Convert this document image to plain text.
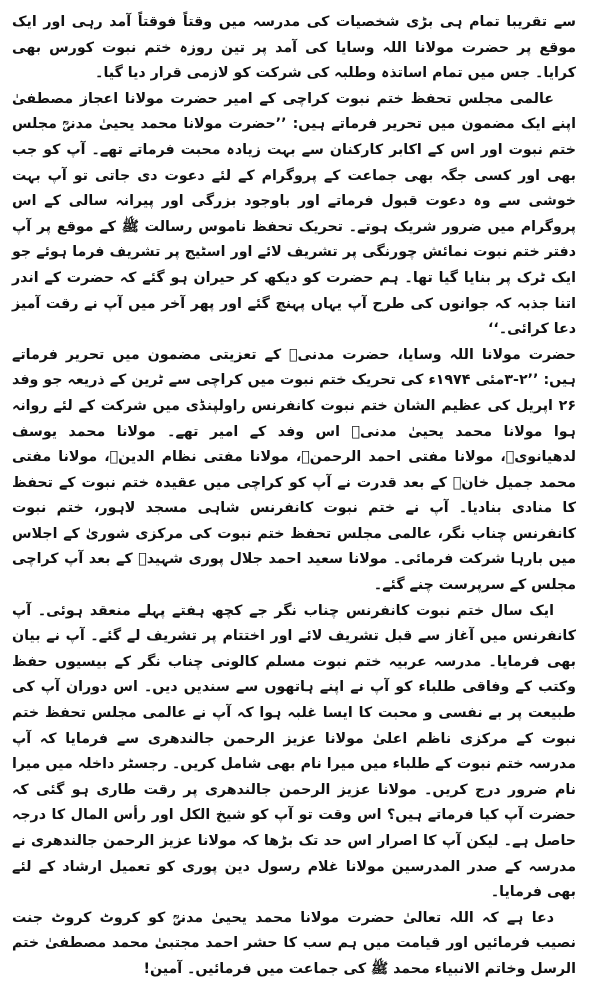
سے تقریبا تمام ہی بڑی شخصیات کی مدرسہ میں وقتاً فوقتاً آمد رہی اور ایک موقع پر حضرت مولانا اللہ وسایا کی آمد پر تین روزہ ختم نبوت کورس بھی کرایا۔ جس میں تمام اساتذہ وطلبہ کی شرکت کو لازمی قرار دیا گیا۔

عالمی مجلس تحفظ ختم نبوت کراچی کے امیر حضرت مولانا اعجاز مصطفیٰ اپنے ایک مضمون میں تحریر فرماتے ہیں: ’’حضرت مولانا محمد یحییٰ مدنیؒ مجلس ختم نبوت اور اس کے اکابر کارکنان سے بہت زیادہ محبت فرماتے تھے۔ آپ کو جب بھی اور کسی جگہ بھی جماعت کے پروگرام کے لئے دعوت دی جاتی تو آپ بہت خوشی سے وہ دعوت قبول فرماتے اور باوجود بزرگی اور پیرانہ سالی کے اس پروگرام میں ضرور شریک ہوتے۔ تحریک تحفظ ناموس رسالت ﷺ کے موقع پر آپ دفتر ختم نبوت نمائش چورنگی پر تشریف لائے اور اسٹیج پر تشریف فرما ہوئے جو ایک ٹرک پر بنایا گیا تھا۔ ہم حضرت کو دیکھ کر حیران ہو گئے کہ حضرت کے اندر اتنا جذبہ کہ جوانوں کی طرح آپ یہاں پہنچ گئے اور پھر آخر میں آپ نے رقت آمیز دعا کرائی۔‘‘

حضرت مولانا اللہ وسایا، حضرت مدنیؒ کے تعزیتی مضمون میں تحریر فرماتے ہیں: ’’۲-۳مئی ۱۹۷۴ء کی تحریک ختم نبوت میں کراچی سے ٹرین کے ذریعہ جو وفد ۲۶ اپریل کی عظیم الشان ختم نبوت کانفرنس راولپنڈی میں شرکت کے لئے روانہ ہوا مولانا محمد یحییٰ مدنیؒ اس وفد کے امیر تھے۔ مولانا محمد یوسف لدھیانویؒ، مولانا مفتی احمد الرحمنؒ، مولانا مفتی نظام الدینؒ، مولانا مفتی محمد جمیل خانؒ کے بعد قدرت نے آپ کو کراچی میں عقیدہ ختم نبوت کے تحفظ کا منادی بنادیا۔ آپ نے ختم نبوت کانفرنس شاہی مسجد لاہور، ختم نبوت کانفرنس چناب نگر، عالمی مجلس تحفظ ختم نبوت کی مرکزی شوریٰ کے اجلاس میں بارہا شرکت فرمائی۔ مولانا سعید احمد جلال پوری شہیدؒ کے بعد آپ کراچی مجلس کے سرپرست چنے گئے۔

ایک سال ختم نبوت کانفرنس چناب نگر جے کچھ ہفتے پہلے منعقد ہوئی۔ آپ کانفرنس میں آغاز سے قبل تشریف لائے اور اختتام پر تشریف لے گئے۔ آپ نے بیان بھی فرمایا۔ مدرسہ عربیہ ختم نبوت مسلم کالونی چناب نگر کے بیسیوں حفظ وکتب کے وفاقی طلباء کو آپ نے اپنے ہاتھوں سے سندیں دیں۔ اس دوران آپ کی طبیعت پر بے نفسی و محبت کا ایسا غلبہ ہوا کہ آپ نے عالمی مجلس تحفظ ختم نبوت کے مرکزی ناظم اعلیٰ مولانا عزیز الرحمن جالندھری سے فرمایا کہ آپ مدرسہ ختم نبوت کے طلباء میں میرا نام بھی شامل کریں۔ رجسٹر داخلہ میں میرا نام ضرور درج کریں۔ مولانا عزیز الرحمن جالندھری پر رقت طاری ہو گئی کہ حضرت آپ کیا فرماتے ہیں؟ اس وقت تو آپ کو شیخ الکل اور رأس المال کا درجہ حاصل ہے۔ لیکن آپ کا اصرار اس حد تک بڑھا کہ مولانا عزیز الرحمن جالندھری نے مدرسہ کے صدر المدرسین مولانا غلام رسول دین پوری کو تعمیل ارشاد کے لئے بھی فرمایا۔

دعا ہے کہ اللہ تعالیٰ حضرت مولانا محمد یحییٰ مدنیؒ کو کروٹ کروٹ جنت نصیب فرمائیں اور قیامت میں ہم سب کا حشر احمد مجتبیٰ محمد مصطفیٰ ختم الرسل وخاتم الانبیاء محمد ﷺ کی جماعت میں فرمائیں۔ آمین!
